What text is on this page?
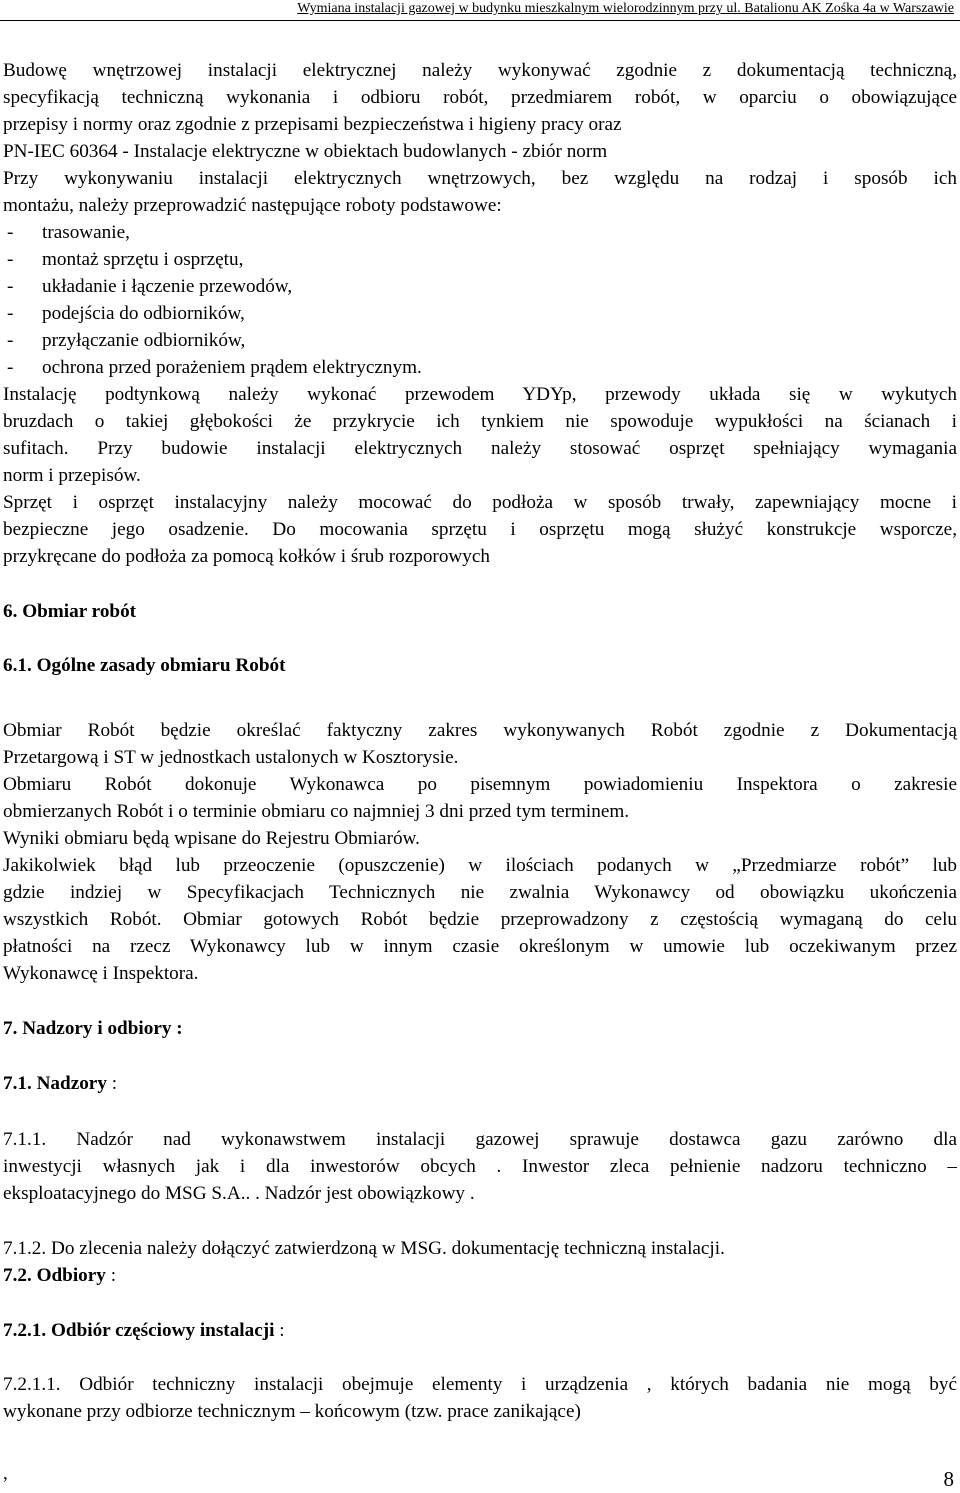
Wymiana instalacji gazowej w budynku mieszkalnym wielorodzinnym przy ul. Batalionu AK Zośka 4a w Warszawie
Budowę wnętrzowej instalacji elektrycznej należy wykonywać zgodnie z dokumentacją techniczną,
specyfikacją techniczną wykonania i odbioru robót, przedmiarem robót, w oparciu o obowiązujące
przepisy i normy oraz zgodnie z przepisami bezpieczeństwa i higieny pracy oraz
PN-IEC 60364 - Instalacje elektryczne w obiektach budowlanych - zbiór norm
Przy wykonywaniu instalacji elektrycznych wnętrzowych, bez względu na rodzaj i sposób ich
montażu, należy przeprowadzić następujące roboty podstawowe:
- trasowanie,
- montaż sprzętu i osprzętu,
- układanie i łączenie przewodów,
- podejścia do odbiorników,
- przyłączanie odbiorników,
- ochrona przed porażeniem prądem elektrycznym.
Instalację podtynkową należy wykonać przewodem YDYp, przewody układa się w wykutych
bruzdach o takiej głębokości że przykrycie ich tynkiem nie spowoduje wypukłości na ścianach i
sufitach. Przy budowie instalacji elektrycznych należy stosować osprzęt spełniający wymagania
norm i przepisów.
Sprzęt i osprzęt instalacyjny należy mocować do podłoża w sposób trwały, zapewniający mocne i
bezpieczne jego osadzenie. Do mocowania sprzętu i osprzętu mogą służyć konstrukcje wsporcze,
przykręcane do podłoża za pomocą kołków i śrub rozporowych
6. Obmiar robót
6.1. Ogólne zasady obmiaru Robót
Obmiar Robót będzie określać faktyczny zakres wykonywanych Robót zgodnie z Dokumentacją
Przetargową i ST w jednostkach ustalonych w Kosztorysie.
Obmiaru Robót dokonuje Wykonawca po pisemnym powiadomieniu Inspektora o zakresie
obmierzanych Robót i o terminie obmiaru co najmniej 3 dni przed tym terminem.
Wyniki obmiaru będą wpisane do Rejestru Obmiarów.
Jakikolwiek błąd lub przeoczenie (opuszczenie) w ilościach podanych w „Przedmiarze robót” lub
gdzie indziej w Specyfikacjach Technicznych nie zwalnia Wykonawcy od obowiązku ukończenia
wszystkich Robót. Obmiar gotowych Robót będzie przeprowadzony z częstością wymaganą do celu
płatności na rzecz Wykonawcy lub w innym czasie określonym w umowie lub oczekiwanym przez
Wykonawcę i Inspektora.
7. Nadzory i odbiory :
7.1. Nadzory :
7.1.1. Nadzór nad wykonawstwem instalacji gazowej sprawuje dostawca gazu zarówno dla
inwestycji własnych jak i dla inwestorów obcych . Inwestor zleca pełnienie nadzoru techniczno –
eksploatacyjnego do MSG S.A.. . Nadzór jest obowiązkowy .
7.1.2. Do zlecenia należy dołączyć zatwierdzoną w MSG. dokumentację techniczną instalacji.
7.2. Odbiory :
7.2.1. Odbiór częściowy instalacji :
7.2.1.1. Odbiór techniczny instalacji obejmuje elementy i urządzenia , których badania nie mogą być
wykonane przy odbiorze technicznym – końcowym (tzw. prace zanikające)
,	8
